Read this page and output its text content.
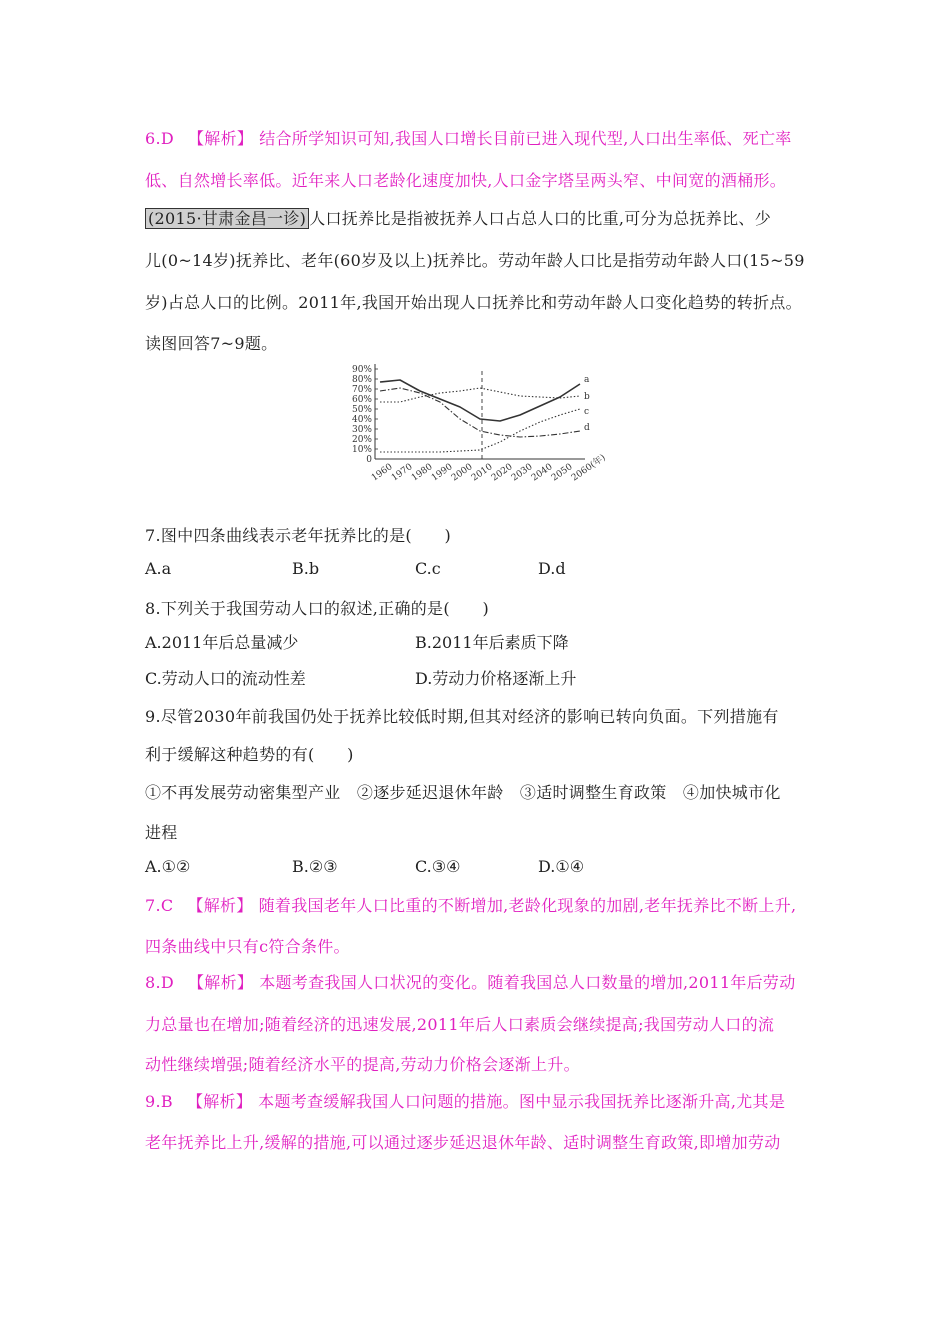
6.D 【解析】 结合所学知识可知,我国人口增长目前已进入现代型,人口出生率低、死亡率
低、自然增长率低。近年来人口老龄化速度加快,人口金字塔呈两头窄、中间宽的酒桶形。
(2015·甘肃金昌一诊) 人口抚养比是指被抚养人口占总人口的比重,可分为总抚养比、少
儿(0~14岁)抚养比、老年(60岁及以上)抚养比。劳动年龄人口比是指劳动年龄人口(15~59
岁)占总人口的比例。2011年,我国开始出现人口抚养比和劳动年龄人口变化趋势的转折点。
读图回答7~9题。
0
10%
20%
30%
40%
50%
60%
70%
80%
90%
1960
1970
1980
1990
2000
2010
2020
2030
2040
2050
2060(年)
a
b
c
d
7.图中四条曲线表示老年抚养比的是(　　)
A.a	B.b	C.c	D.d
8.下列关于我国劳动人口的叙述,正确的是(　　)
A.2011年后总量减少	B.2011年后素质下降
C.劳动人口的流动性差	D.劳动力价格逐渐上升
9.尽管2030年前我国仍处于抚养比较低时期,但其对经济的影响已转向负面。下列措施有
利于缓解这种趋势的有(　　)
①不再发展劳动密集型产业　②逐步延迟退休年龄　③适时调整生育政策　④加快城市化
进程
A.①②	B.②③	C.③④	D.①④
7.C 【解析】 随着我国老年人口比重的不断增加,老龄化现象的加剧,老年抚养比不断上升,
四条曲线中只有c符合条件。
8.D 【解析】 本题考查我国人口状况的变化。随着我国总人口数量的增加,2011年后劳动
力总量也在增加;随着经济的迅速发展,2011年后人口素质会继续提高;我国劳动人口的流
动性继续增强;随着经济水平的提高,劳动力价格会逐渐上升。
9.B 【解析】 本题考查缓解我国人口问题的措施。图中显示我国抚养比逐渐升高,尤其是
老年抚养比上升,缓解的措施,可以通过逐步延迟退休年龄、适时调整生育政策,即增加劳动
